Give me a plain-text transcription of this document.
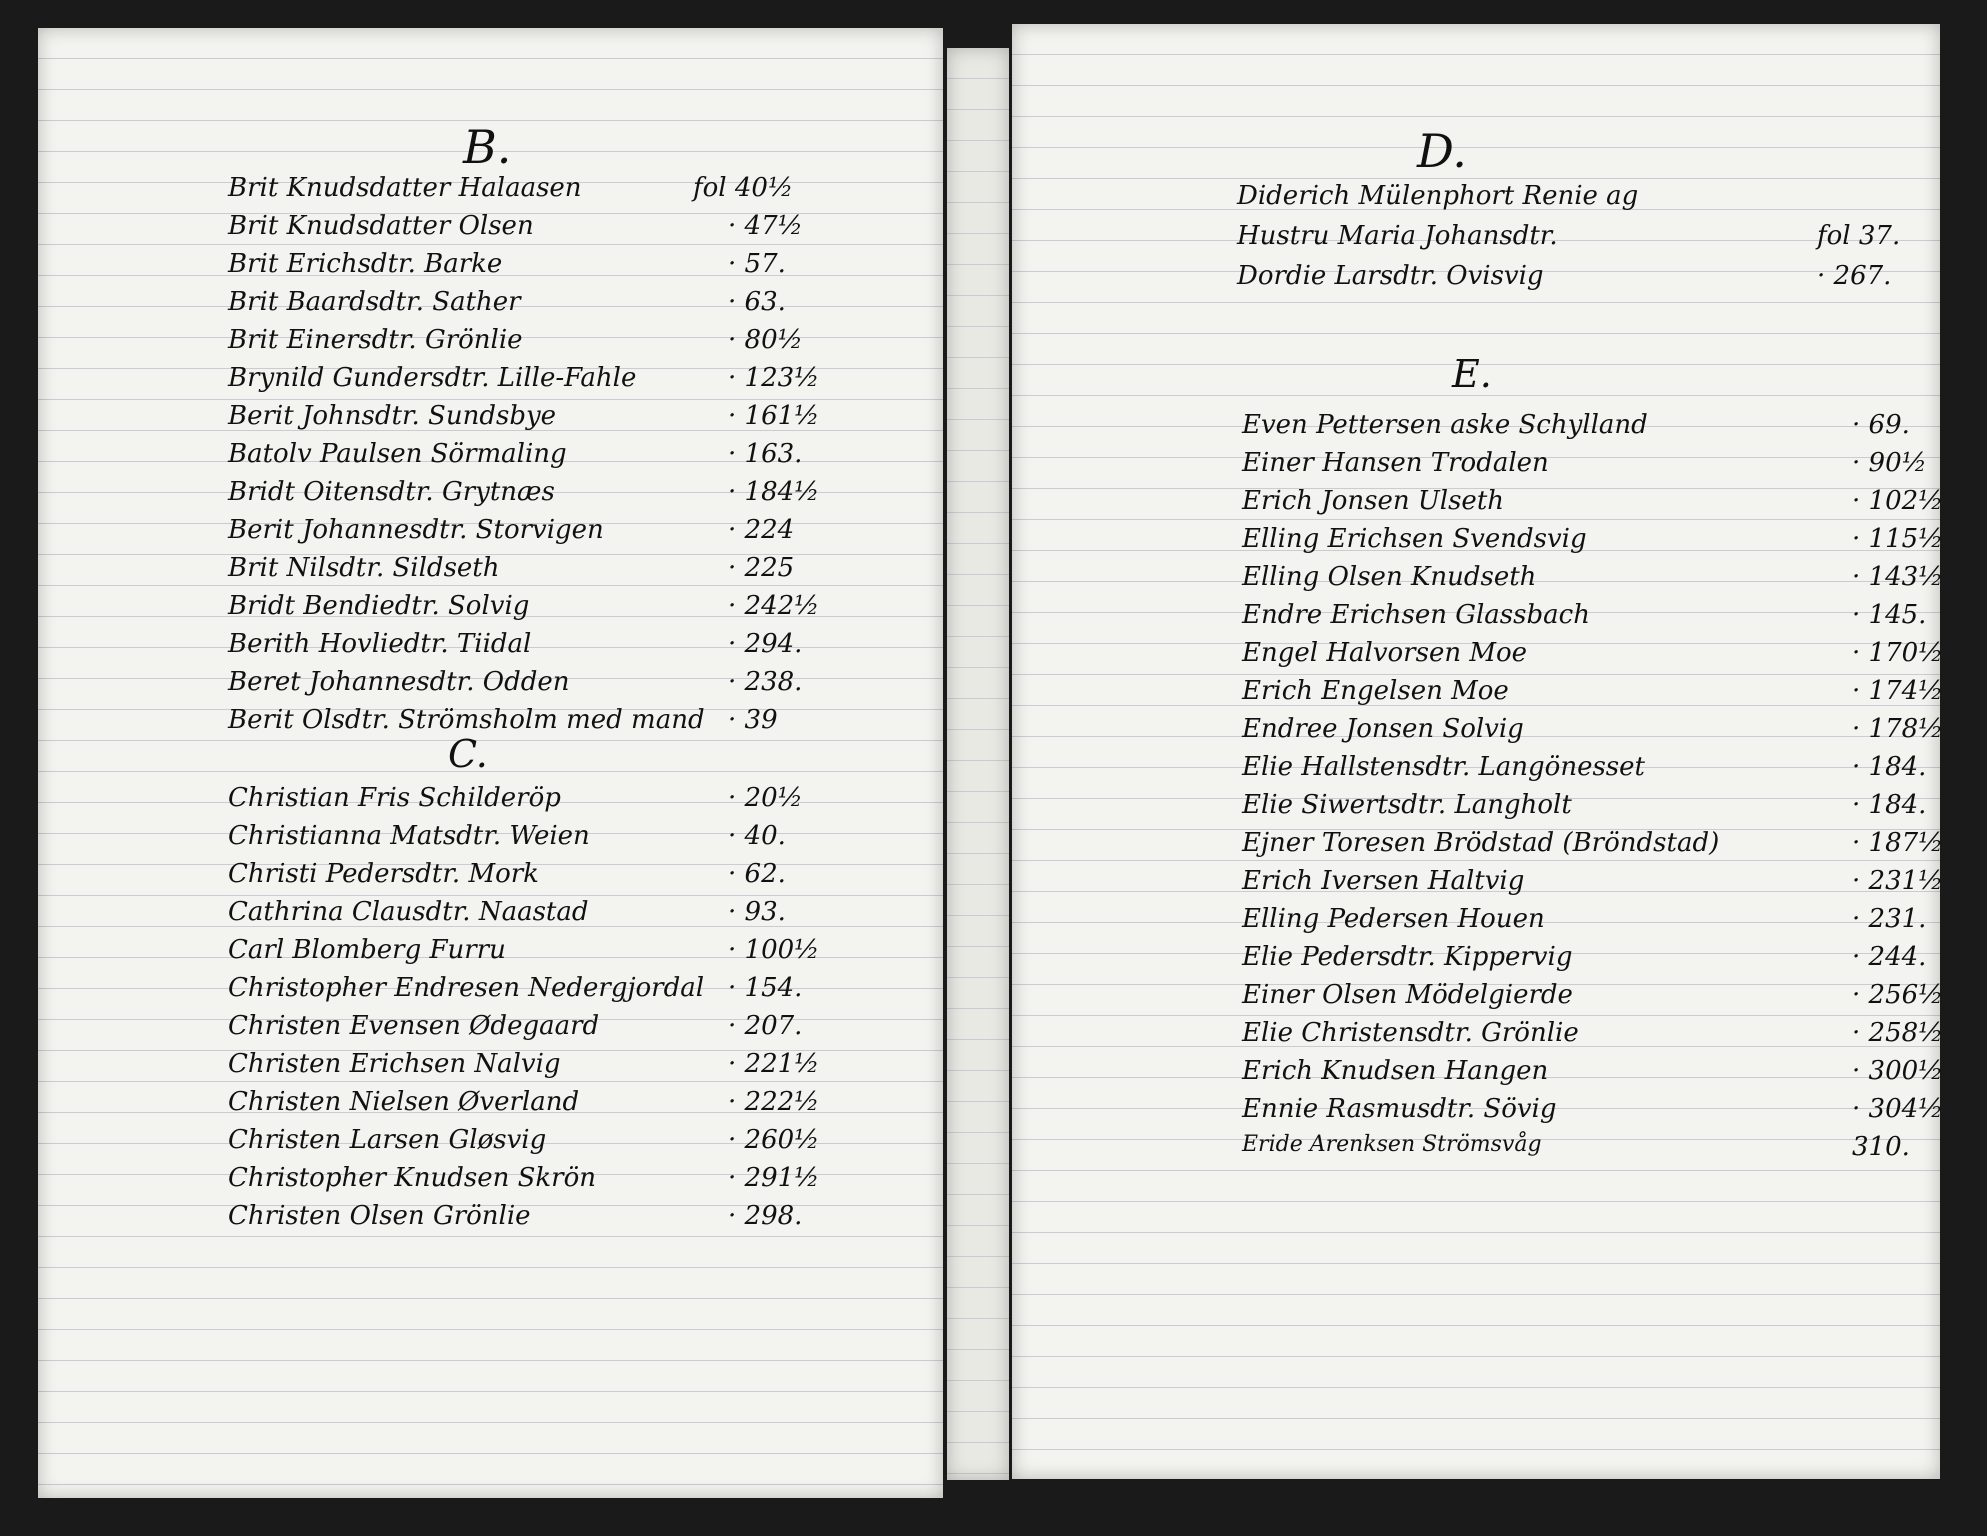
B.
Brit Knudsdatter Halaasen	fol 40½
Brit Knudsdatter Olsen	· 47½
Brit Erichsdtr. Barke	· 57.
Brit Baardsdtr. Sather	· 63.
Brit Einersdtr. Grönlie	· 80½
Brynild Gundersdtr. Lille-Fahle	· 123½
Berit Johnsdtr. Sundsbye	· 161½
Batolv Paulsen Sörmaling	· 163.
Bridt Oitensdtr. Grytnæs	· 184½
Berit Johannesdtr. Storvigen	· 224
Brit Nilsdtr. Sildseth	· 225
Bridt Bendiedtr. Solvig	· 242½
Berith Hovliedtr. Tiidal	· 294.
Beret Johannesdtr. Odden	· 238.
Berit Olsdtr. Strömsholm med mand · 39
C.
Christian Fris Schilderöp	· 20½
Christianna Matsdtr. Weien	· 40.
Christi Pedersdtr. Mork	· 62.
Cathrina Clausdtr. Naastad	· 93.
Carl Blomberg Furru	· 100½
Christopher Endresen Nedergjordal · 154.
Christen Evensen Ødegaard	· 207.
Christen Erichsen Nalvig	· 221½
Christen Nielsen Øverland	· 222½
Christen Larsen Gløsvig	· 260½
Christopher Knudsen Skrön	· 291½
Christen Olsen Grönlie	· 298.
D.
Diderich Mülenphort Renie ag
Hustru Maria Johansdtr.	fol 37.
Dordie Larsdtr. Ovisvig	· 267.
E.
Even Pettersen aske Schylland	· 69.
Einer Hansen Trodalen	· 90½
Erich Jonsen Ulseth	· 102½
Elling Erichsen Svendsvig	· 115½
Elling Olsen Knudseth	· 143½
Endre Erichsen Glassbach	· 145.
Engel Halvorsen Moe	· 170½
Erich Engelsen Moe	· 174½
Endree Jonsen Solvig	· 178½
Elie Hallstensdtr. Langönesset	· 184.
Elie Siwertsdtr. Langholt	· 184.
Ejner Toresen Brödstad (Bröndstad)	· 187½
Erich Iversen Haltvig	· 231½
Elling Pedersen Houen	· 231.
Elie Pedersdtr. Kippervig	· 244.
Einer Olsen Mödelgierde	· 256½
Elie Christensdtr. Grönlie	· 258½
Erich Knudsen Hangen	· 300½
Ennie Rasmusdtr. Sövig	· 304½
Eride Arenksen Strömsvåg	310.
